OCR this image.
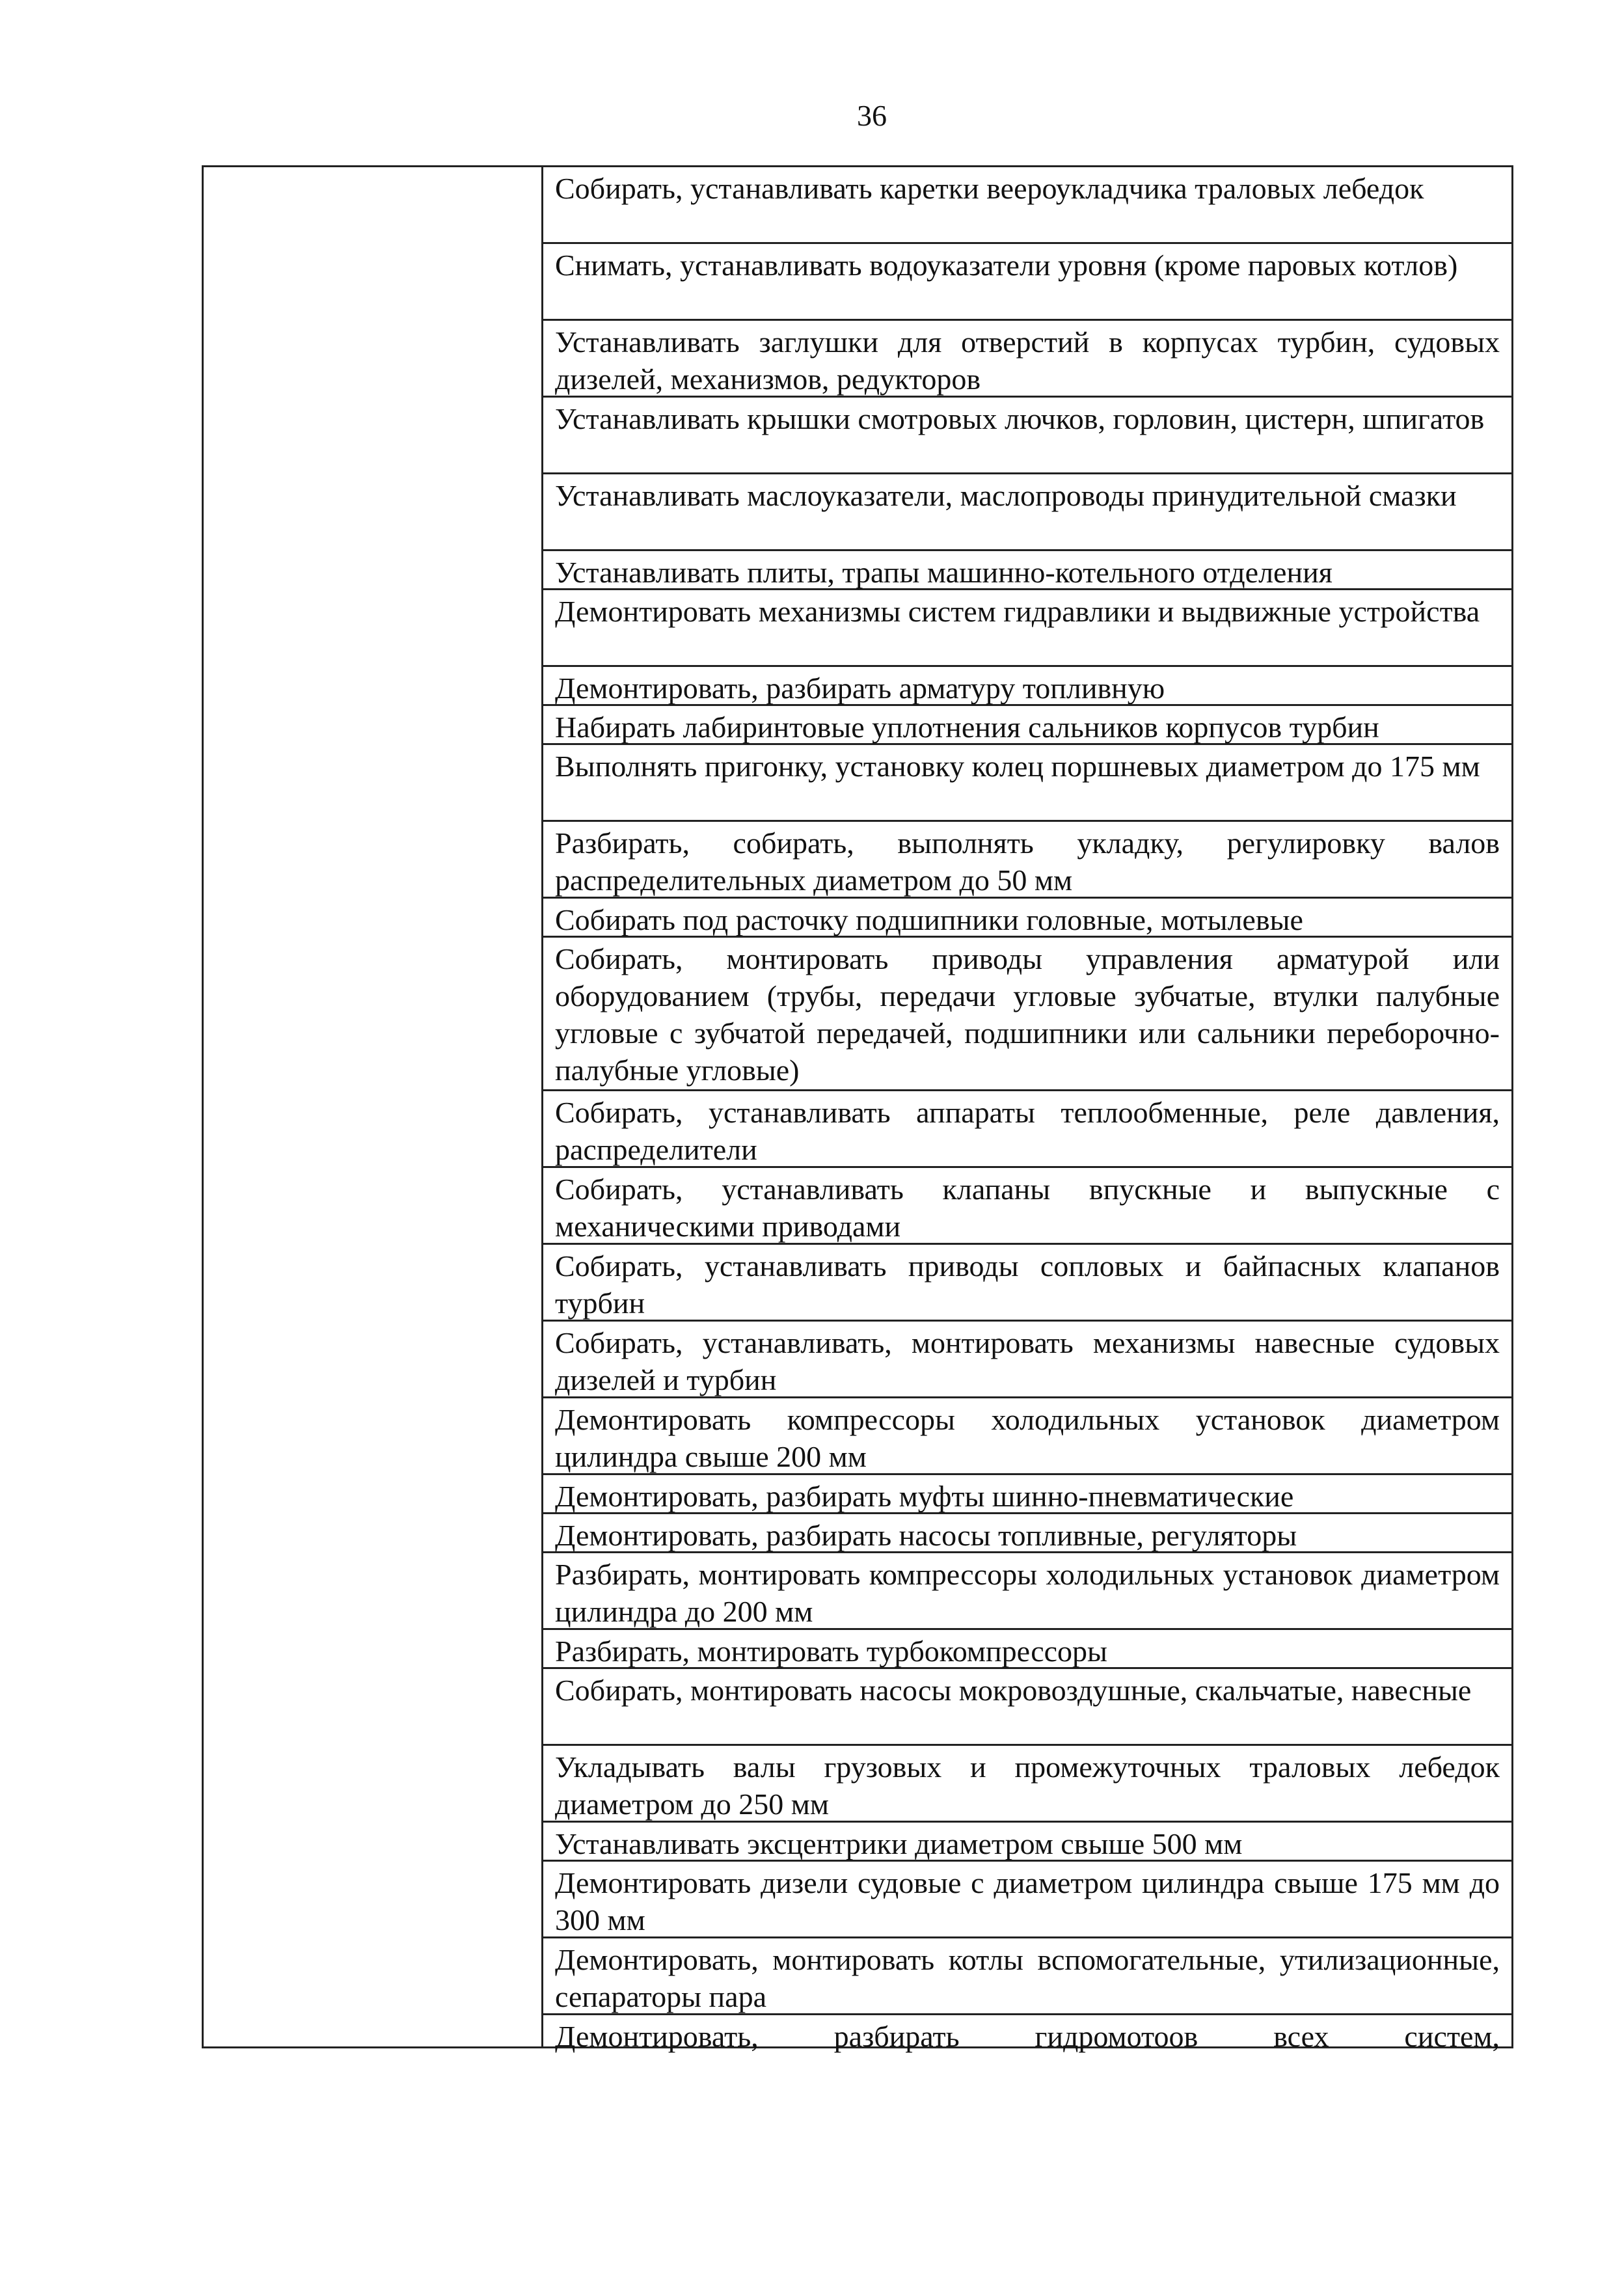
36
Собирать, устанавливать каретки веероукладчика траловых лебедок
Снимать, устанавливать водоуказатели уровня (кроме паровых котлов)
Устанавливать заглушки для отверстий в корпусах турбин, судовых дизелей, механизмов, редукторов
Устанавливать крышки смотровых лючков, горловин, цистерн, шпигатов
Устанавливать маслоуказатели, маслопроводы принудительной смазки
Устанавливать плиты, трапы машинно-котельного отделения
Демонтировать механизмы систем гидравлики и выдвижные устройства
Демонтировать, разбирать арматуру топливную
Набирать лабиринтовые уплотнения сальников корпусов турбин
Выполнять пригонку, установку колец поршневых диаметром до 175 мм
Разбирать, собирать, выполнять укладку, регулировку валов распределительных диаметром до 50 мм
Собирать под расточку подшипники головные, мотылевые
Собирать, монтировать приводы управления арматурой или оборудованием (трубы, передачи угловые зубчатые, втулки палубные угловые с зубчатой передачей, подшипники или сальники переборочно-палубные угловые)
Собирать, устанавливать аппараты теплообменные, реле давления, распределители
Собирать, устанавливать клапаны впускные и выпускные с механическими приводами
Собирать, устанавливать приводы сопловых и байпасных клапанов турбин
Собирать, устанавливать, монтировать механизмы навесные судовых дизелей и турбин
Демонтировать компрессоры холодильных установок диаметром цилиндра свыше 200 мм
Демонтировать, разбирать муфты шинно-пневматические
Демонтировать, разбирать насосы топливные, регуляторы
Разбирать, монтировать компрессоры холодильных установок диаметром цилиндра до 200 мм
Разбирать, монтировать турбокомпрессоры
Собирать, монтировать насосы мокровоздушные, скальчатые, навесные
Укладывать валы грузовых и промежуточных траловых лебедок диаметром до 250 мм
Устанавливать эксцентрики диаметром свыше 500 мм
Демонтировать дизели судовые с диаметром цилиндра свыше 175 мм до 300 мм
Демонтировать, монтировать котлы вспомогательные, утилизационные, сепараторы пара
Демонтировать, разбирать гидромотоов всех систем,
